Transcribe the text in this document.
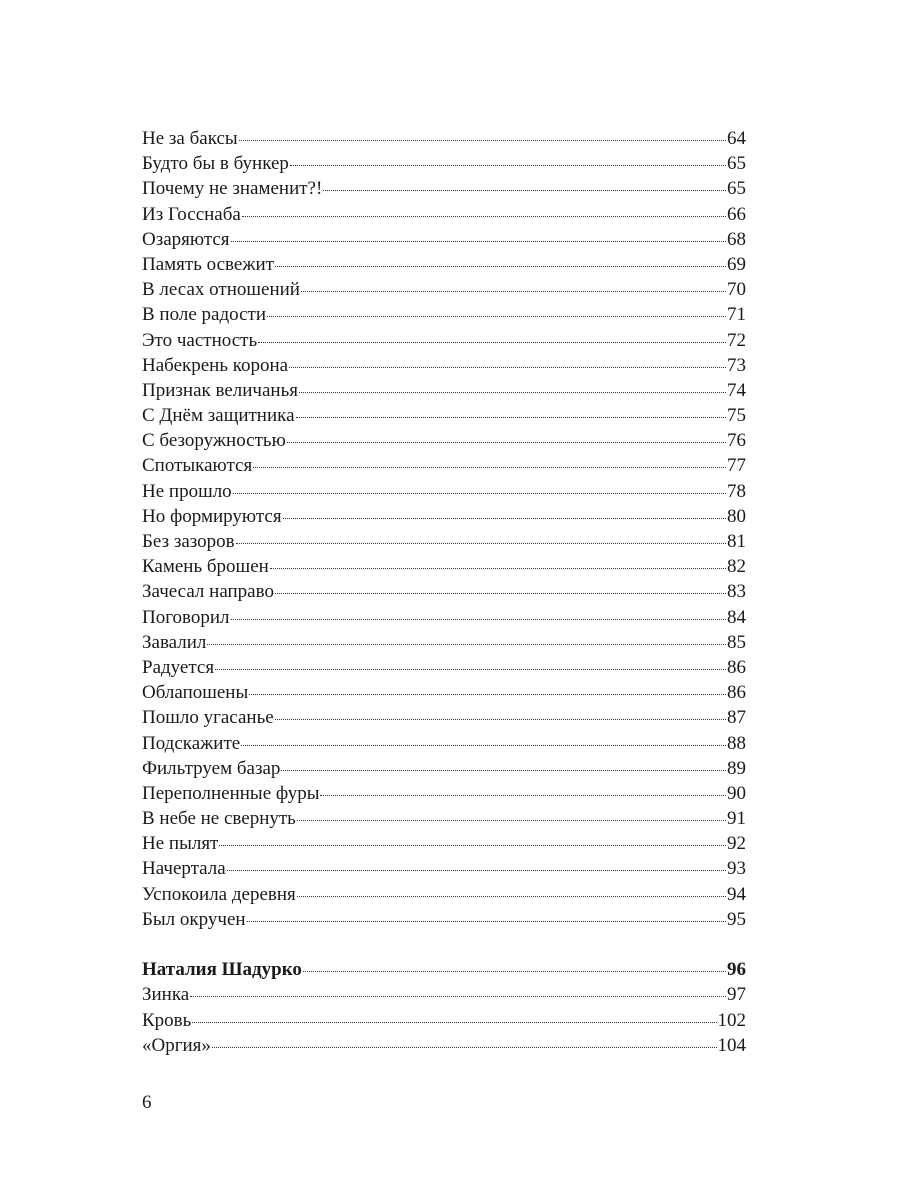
Не за баксы	64
Будто бы в бункер	65
Почему не знаменит?!	65
Из Госснаба	66
Озаряются	68
Память освежит	69
В лесах отношений	70
В поле радости	71
Это частность	72
Набекрень корона	73
Признак величанья	74
С Днём защитника	75
С безоружностью	76
Спотыкаются	77
Не прошло	78
Но формируются	80
Без зазоров	81
Камень брошен	82
Зачесал направо	83
Поговорил	84
Завалил	85
Радуется	86
Облапошены	86
Пошло угасанье	87
Подскажите	88
Фильтруем базар	89
Переполненные фуры	90
В небе не свернуть	91
Не пылят	92
Начертала	93
Успокоила деревня	94
Был окручен	95
Наталия Шадурко	96
Зинка	97
Кровь	102
«Оргия»	104
6
